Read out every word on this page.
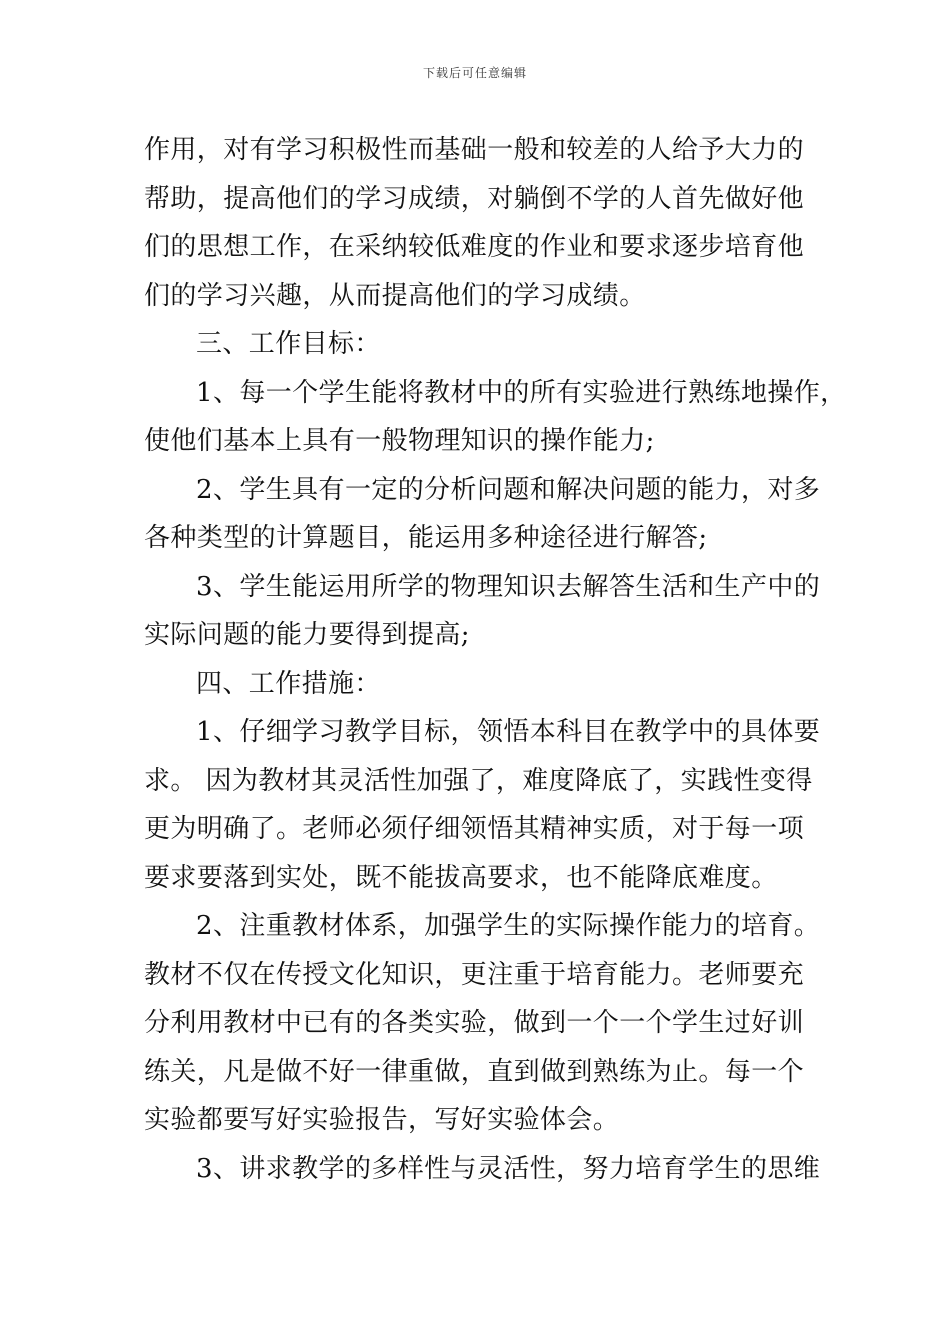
下载后可任意编辑
作用，对有学习积极性而基础一般和较差的人给予大力的
帮助，提高他们的学习成绩，对躺倒不学的人首先做好他
们的思想工作，在采纳较低难度的作业和要求逐步培育他
们的学习兴趣，从而提高他们的学习成绩。
三、工作目标：
1、每一个学生能将教材中的所有实验进行熟练地操作，
使他们基本上具有一般物理知识的操作能力;
2、学生具有一定的分析问题和解决问题的能力，对多
各种类型的计算题目，能运用多种途径进行解答;
3、学生能运用所学的物理知识去解答生活和生产中的
实际问题的能力要得到提高;
四、工作措施：
1、仔细学习教学目标，领悟本科目在教学中的具体要
求。 因为教材其灵活性加强了，难度降底了，实践性变得
更为明确了。老师必须仔细领悟其精神实质，对于每一项
要求要落到实处，既不能拔高要求，也不能降底难度。
2、注重教材体系，加强学生的实际操作能力的培育。
教材不仅在传授文化知识，更注重于培育能力。老师要充
分利用教材中已有的各类实验，做到一个一个学生过好训
练关，凡是做不好一律重做，直到做到熟练为止。每一个
实验都要写好实验报告，写好实验体会。
3、讲求教学的多样性与灵活性，努力培育学生的思维
